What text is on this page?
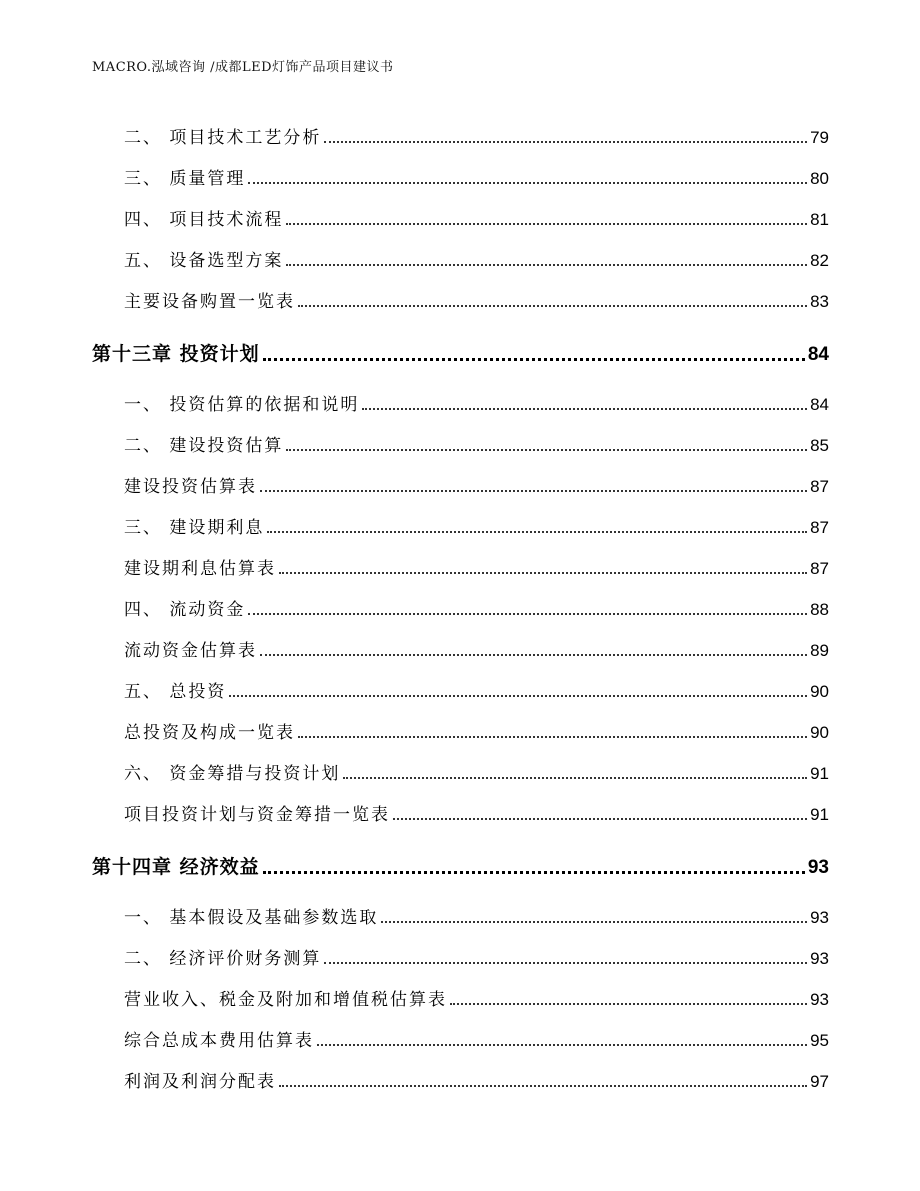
MACRO.泓域咨询 /成都LED灯饰产品项目建议书
二、 项目技术工艺分析	79
三、 质量管理	80
四、 项目技术流程	81
五、 设备选型方案	82
主要设备购置一览表	83
第十三章 投资计划	84
一、 投资估算的依据和说明	84
二、 建设投资估算	85
建设投资估算表	87
三、 建设期利息	87
建设期利息估算表	87
四、 流动资金	88
流动资金估算表	89
五、 总投资	90
总投资及构成一览表	90
六、 资金筹措与投资计划	91
项目投资计划与资金筹措一览表	91
第十四章 经济效益	93
一、 基本假设及基础参数选取	93
二、 经济评价财务测算	93
营业收入、税金及附加和增值税估算表	93
综合总成本费用估算表	95
利润及利润分配表	97
